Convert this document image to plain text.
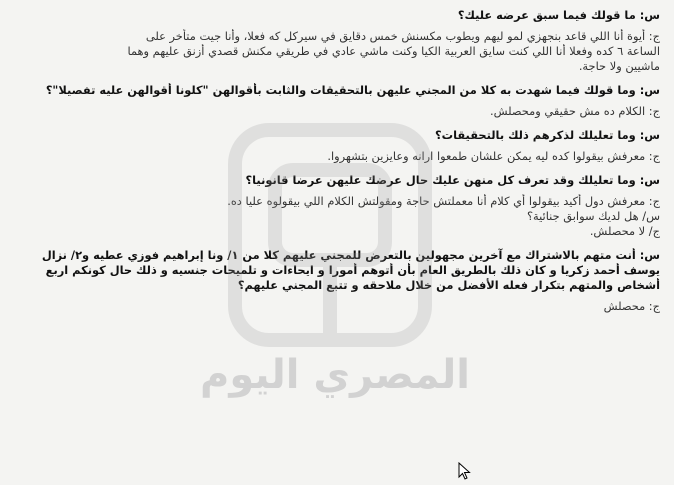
س: ما قولك فيما سبق عرضه عليك؟

ج: أيوة أنا اللي قاعد بنجهزي لمو ليهم ويطوب مكسنش خمس دقايق في سيركل كه فعلا، وأنا جيت متأخر على

الساعة ٦ كده وفعلا أنا اللي كنت سايق العربية الكيا وكنت ماشي عادي في طريقي مكنش قصدي أزنق عليهم وهما

ماشيين ولا حاجة.

س: وما قولك فيما شهدت به كلا من المجني عليهن بالتحقيقات والثابت بأقوالهن "كلونا أقوالهن عليه تفصيلا"؟

ج: الكلام ده مش حقيقي ومحصلش.

س: وما تعليلك لذكرهم ذلك بالتحقيقات؟

ج: معرفش بيقولوا كده ليه يمكن علشان طمعوا ارانه وعايزين بتشهروا.

س: وما تعليلك وقد تعرف كل منهن عليك حال عرضك عليهن عرضا قانونيا؟

ج: معرفش دول أكيد بيقولوا أي كلام أنا معملتش حاجة ومقولتش الكلام اللي بيقولوه عليا ده.

س/ هل لديك سوابق جنائية؟

ج/ لا محصلش.

س: أنت متهم بالاشتراك مع آخرين مجهولين بالتعرض للمجني عليهم كلا من ١/ ونا إبراهيم فوزي عطيه و٢/ نزال

يوسف أحمد زكريا و كان ذلك بالطريق العام بأن أتوهم أمورا و ايحاءات و تلميحات جنسيه و ذلك حال كونكم اربع

أشخاص والمتهم بتكرار فعله الأفضل من خلال ملاحقه و تتبع المجني عليهم؟

ج: محصلش

المصري اليوم
